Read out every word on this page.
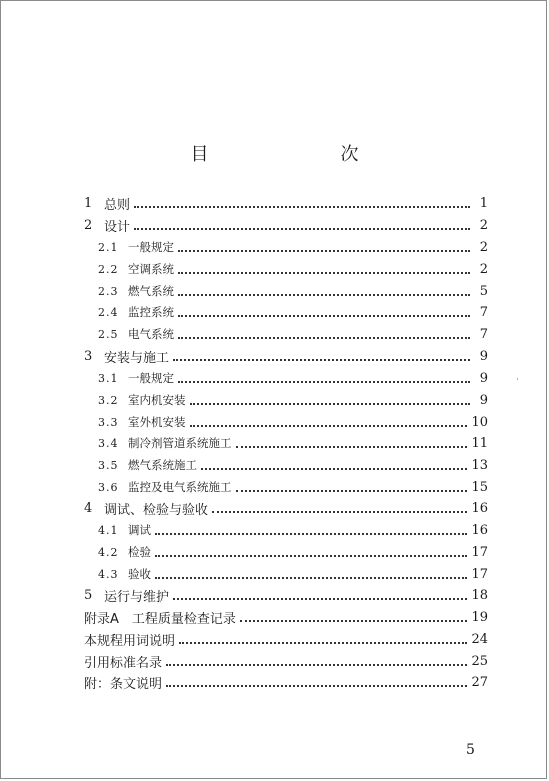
目　　次
1 总则	1
2 设计	2
2.1 一般规定	2
2.2 空调系统	2
2.3 燃气系统	5
2.4 监控系统	7
2.5 电气系统	7
3 安装与施工	9
3.1 一般规定	9
3.2 室内机安装	9
3.3 室外机安装	10
3.4 制冷剂管道系统施工	11
3.5 燃气系统施工	13
3.6 监控及电气系统施工	15
4 调试、检验与验收	16
4.1 调试	16
4.2 检验	17
4.3 验收	17
5 运行与维护	18
附录A　工程质量检查记录	19
本规程用词说明	24
引用标准名录	25
附：条文说明	27
5
